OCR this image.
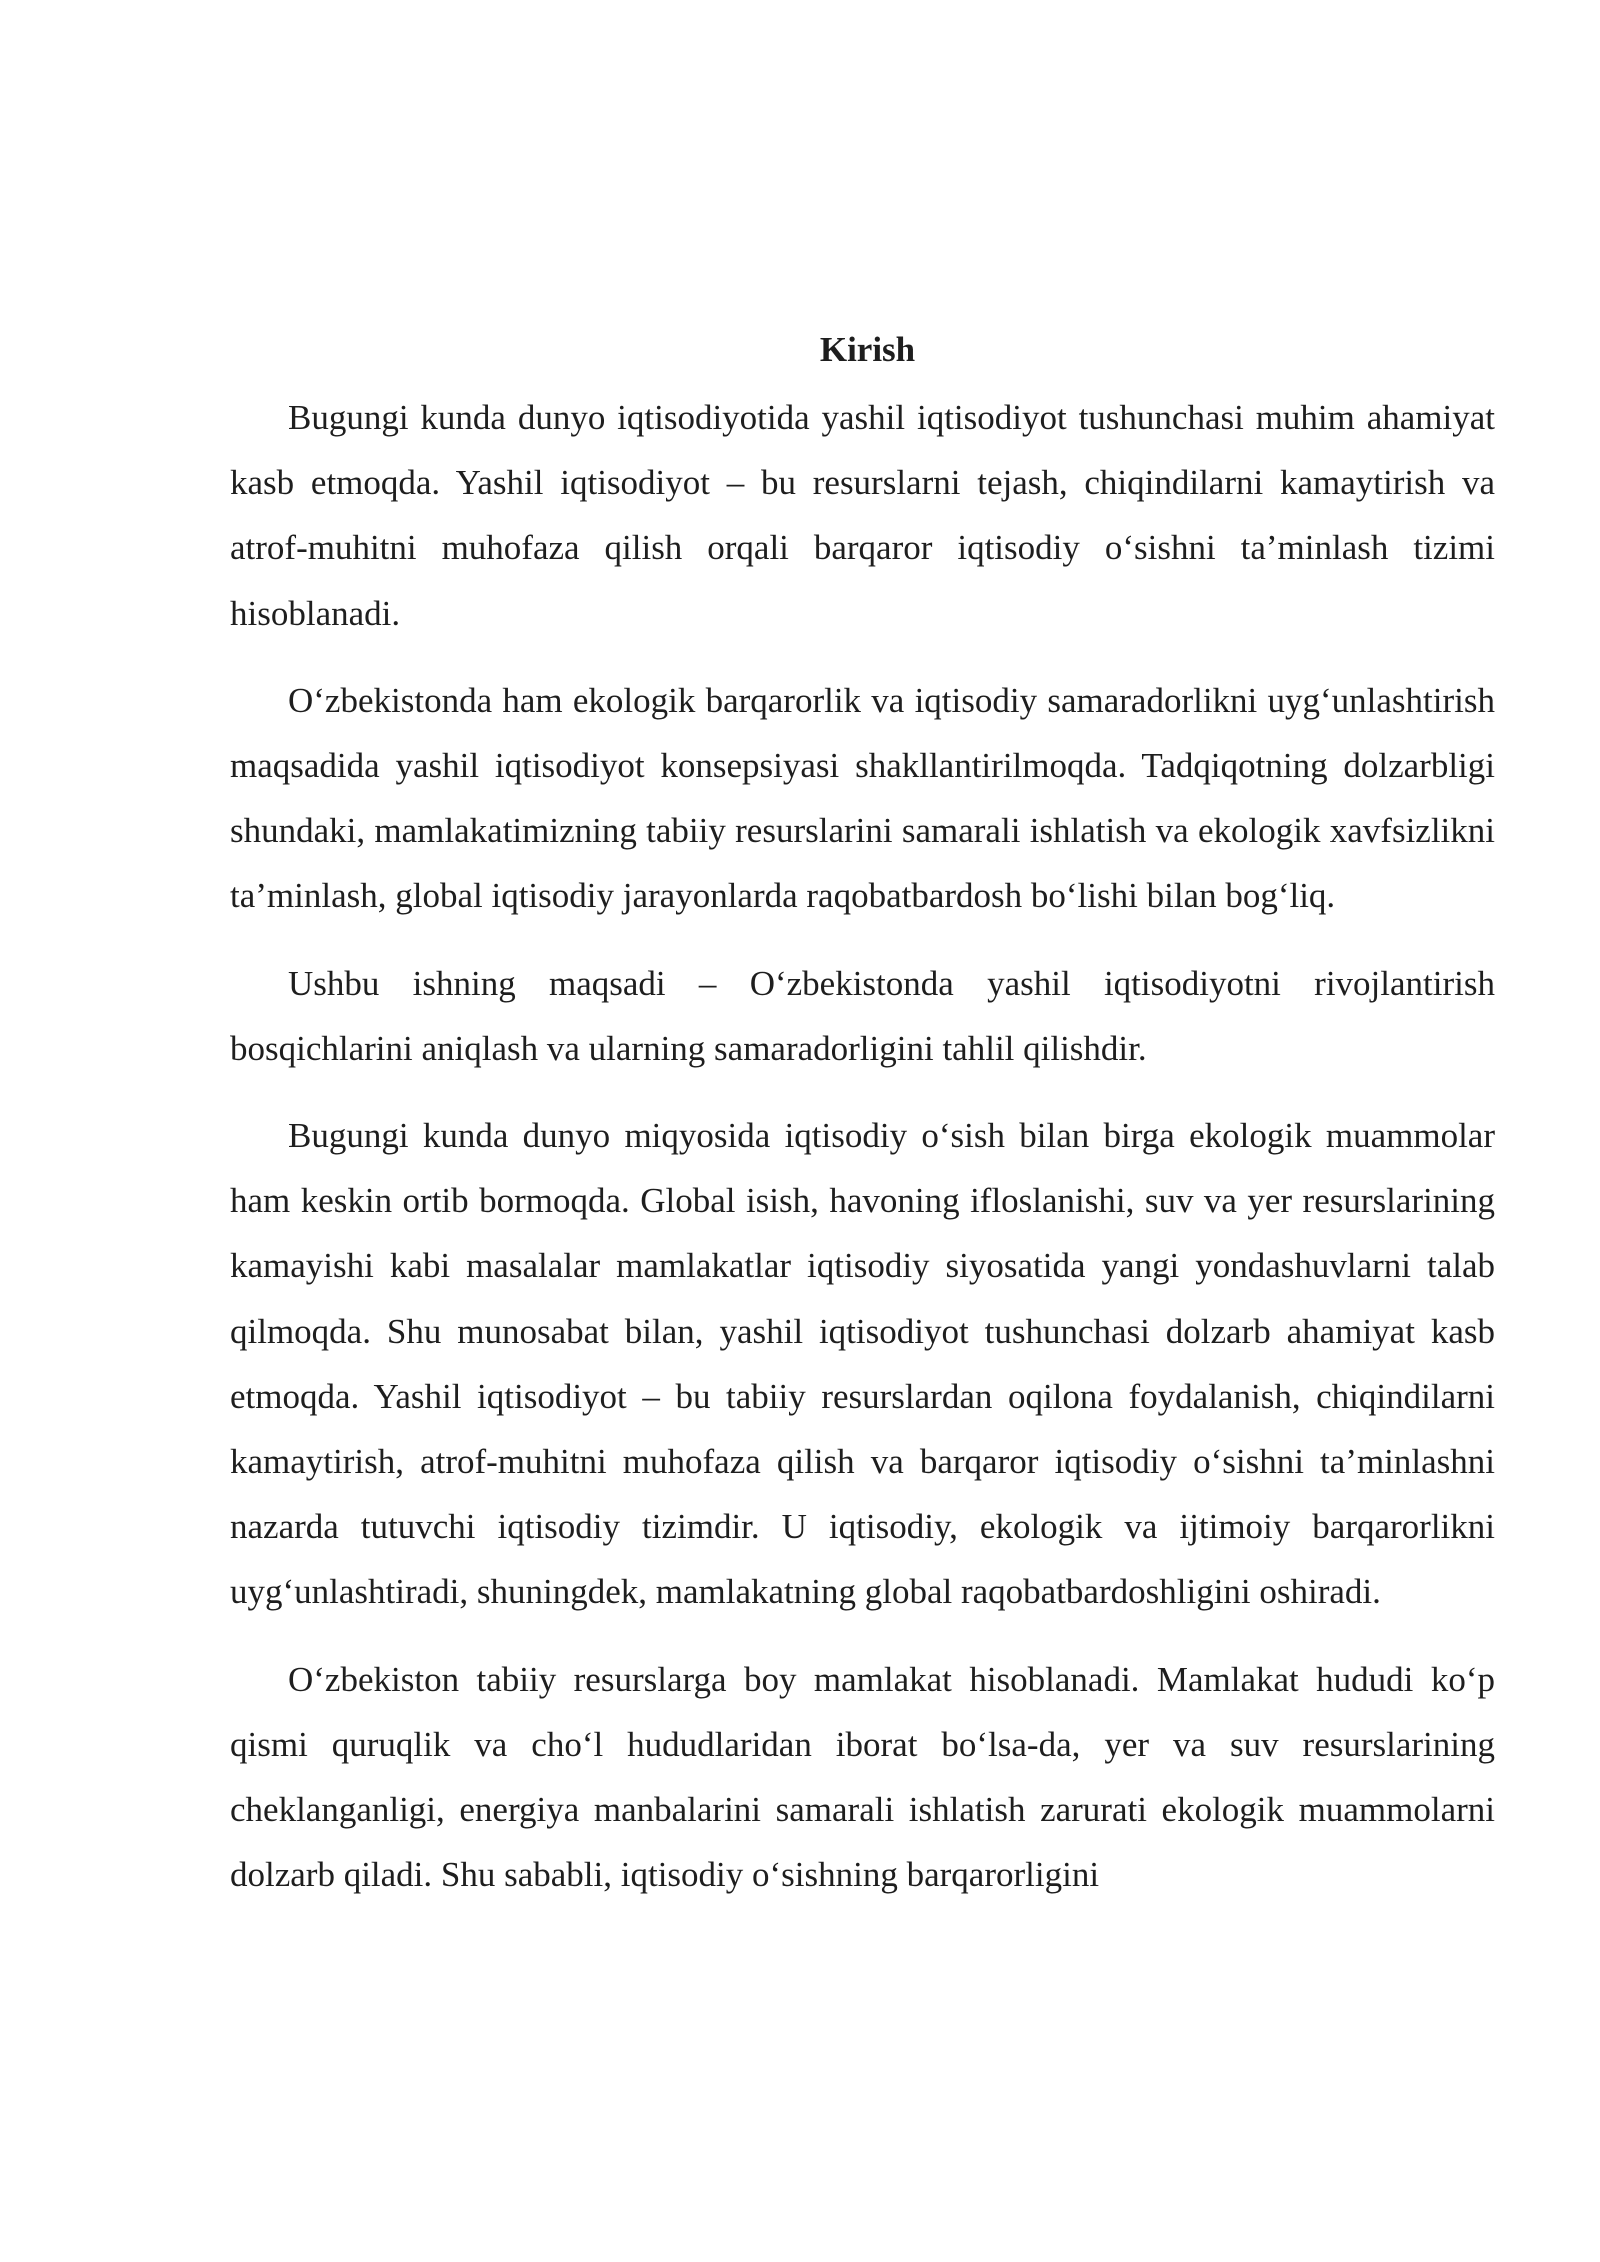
Kirish

Bugungi kunda dunyo iqtisodiyotida yashil iqtisodiyot tushunchasi muhim ahamiyat kasb etmoqda. Yashil iqtisodiyot – bu resurslarni tejash, chiqindilarni kamaytirish va atrof-muhitni muhofaza qilish orqali barqaror iqtisodiy o‘sishni ta’minlash tizimi hisoblanadi.

O‘zbekistonda ham ekologik barqarorlik va iqtisodiy samaradorlikni uyg‘unlashtirish maqsadida yashil iqtisodiyot konsepsiyasi shakllantirilmoqda. Tadqiqotning dolzarbligi shundaki, mamlakatimizning tabiiy resurslarini samarali ishlatish va ekologik xavfsizlikni ta’minlash, global iqtisodiy jarayonlarda raqobatbardosh bo‘lishi bilan bog‘liq.

Ushbu ishning maqsadi – O‘zbekistonda yashil iqtisodiyotni rivojlantirish bosqichlarini aniqlash va ularning samaradorligini tahlil qilishdir.

Bugungi kunda dunyo miqyosida iqtisodiy o‘sish bilan birga ekologik muammolar ham keskin ortib bormoqda. Global isish, havoning ifloslanishi, suv va yer resurslarining kamayishi kabi masalalar mamlakatlar iqtisodiy siyosatida yangi yondashuvlarni talab qilmoqda. Shu munosabat bilan, yashil iqtisodiyot tushunchasi dolzarb ahamiyat kasb etmoqda. Yashil iqtisodiyot – bu tabiiy resurslardan oqilona foydalanish, chiqindilarni kamaytirish, atrof-muhitni muhofaza qilish va barqaror iqtisodiy o‘sishni ta’minlashni nazarda tutuvchi iqtisodiy tizimdir. U iqtisodiy, ekologik va ijtimoiy barqarorlikni uyg‘unlashtiradi, shuningdek, mamlakatning global raqobatbardoshligini oshiradi.

O‘zbekiston tabiiy resurslarga boy mamlakat hisoblanadi. Mamlakat hududi ko‘p qismi quruqlik va cho‘l hududlaridan iborat bo‘lsa-da, yer va suv resurslarining cheklanganligi, energiya manbalarini samarali ishlatish zarurati ekologik muammolarni dolzarb qiladi. Shu sababli, iqtisodiy o‘sishning barqarorligini
